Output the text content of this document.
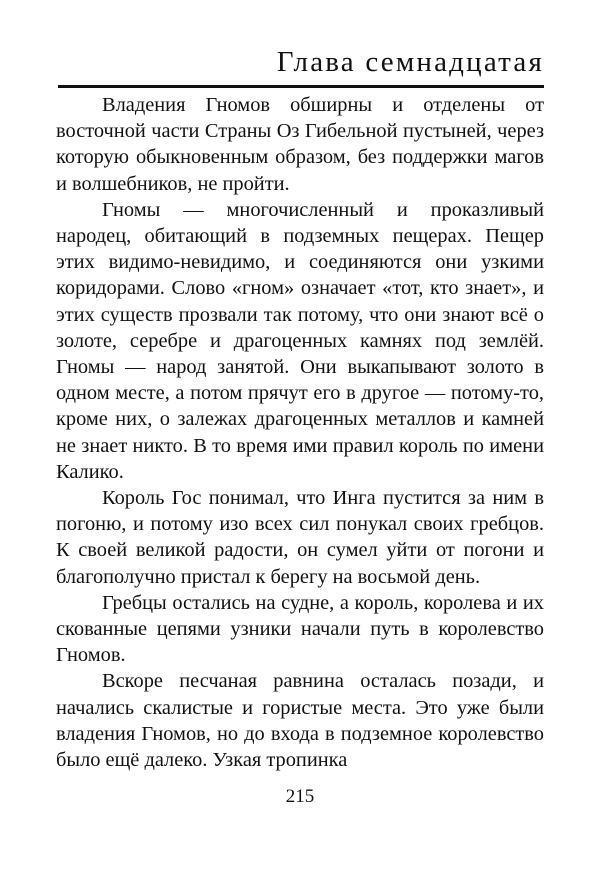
Глава семнадцатая

Владения Гномов обширны и отделены от восточной части Страны Оз Гибельной пустыней, через которую обыкновенным образом, без поддержки магов и волшебников, не пройти.

Гномы — многочисленный и проказливый народец, обитающий в подземных пещерах. Пещер этих видимо-невидимо, и соединяются они узкими коридорами. Слово «гном» означает «тот, кто знает», и этих существ прозвали так потому, что они знают всё о золоте, серебре и драгоценных камнях под землёй. Гномы — народ занятой. Они выкапывают золото в одном месте, а потом прячут его в другое — потому-то, кроме них, о залежах драгоценных металлов и камней не знает никто. В то время ими правил король по имени Калико.

Король Гос понимал, что Инга пустится за ним в погоню, и потому изо всех сил понукал своих гребцов. К своей великой радости, он сумел уйти от погони и благополучно пристал к берегу на восьмой день.

Гребцы остались на судне, а король, королева и их скованные цепями узники начали путь в королевство Гномов.

Вскоре песчаная равнина осталась позади, и начались скалистые и гористые места. Это уже были владения Гномов, но до входа в подземное королевство было ещё далеко. Узкая тропинка

215
